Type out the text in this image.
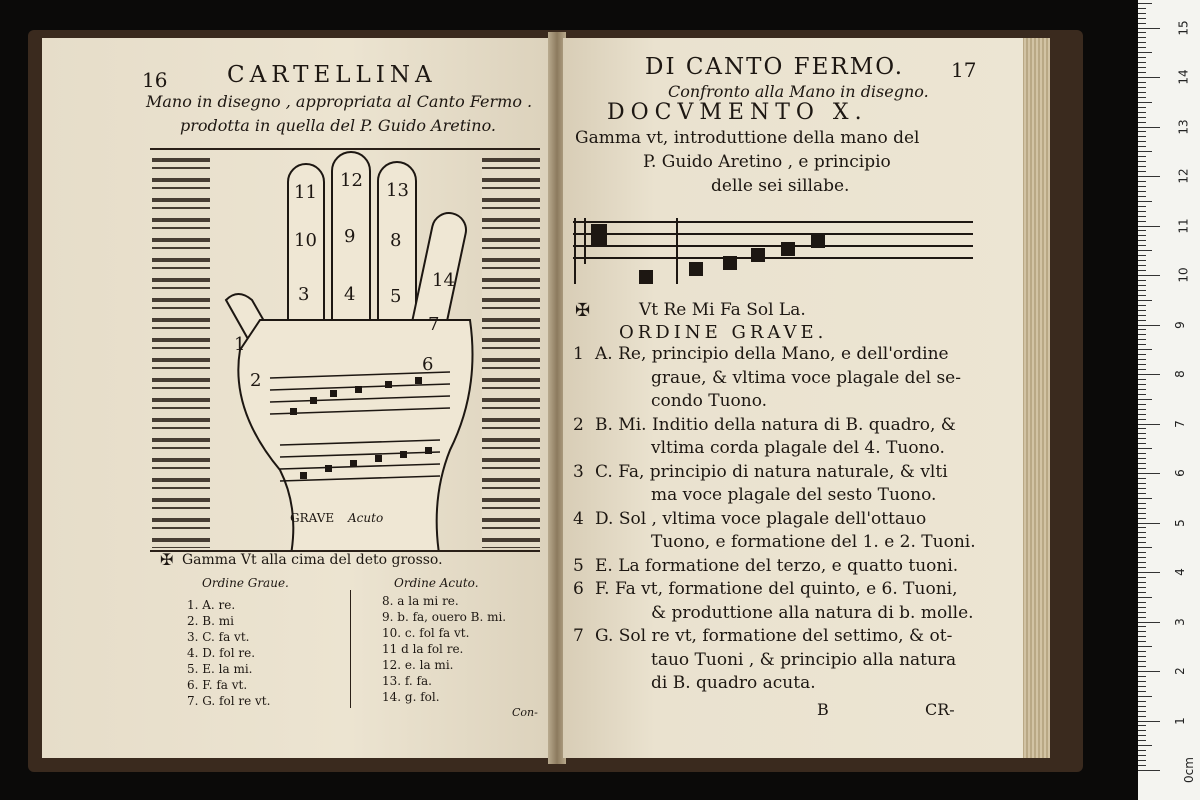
16	CARTELLINA
Mano in disegno , appropriata al Canto Fermo .
prodotta in quella del P. Guido Aretino.
11
12 13
10 9 8
14
3 4 5
7
6
1
2
GRAVE Acuto
✠ Gamma Vt alla cima del deto grosso.
Ordine Graue.	Ordine Acuto.
1. A. re.
2. B. mi
3. C. fa vt.
4. D. fol re.
5. E. la mi.
6. F. fa vt.
7. G. fol re vt.
8. a la mi re.
9. b. fa, ouero B. mi.
10. c. fol fa vt.
11 d la fol re.
12. e. la mi.
13. f. fa.
14. g. fol.
Con-
DI CANTO FERMO. 17
Confronto alla Mano in disegno.
DOCVMENTO X.
Gamma vt, introduttione della mano del
P. Guido Aretino , e principio
delle sei sillabe.
✠	Vt Re Mi Fa Sol La.
ORDINE GRAVE.
1 A. Re, principio della Mano, e dell'ordine
graue, & vltima voce plagale del se-
condo Tuono.
2 B. Mi. Inditio della natura di B. quadro, &
vltima corda plagale del 4. Tuono.
3 C. Fa, principio di natura naturale, & vlti
ma voce plagale del sesto Tuono.
4 D. Sol , vltima voce plagale dell'ottauo
Tuono, e formatione del 1. e 2. Tuoni.
5 E. La formatione del terzo, e quatto tuoni.
6 F. Fa vt, formatione del quinto, e 6. Tuoni,
& produttione alla natura di b. molle.
7 G. Sol re vt, formatione del settimo, & ot-
tauo Tuoni , & principio alla natura
di B. quadro acuta.
B	CR-
15
14
13
12
11
10
9
8
7
6
5
4
3
2
1
0cm
